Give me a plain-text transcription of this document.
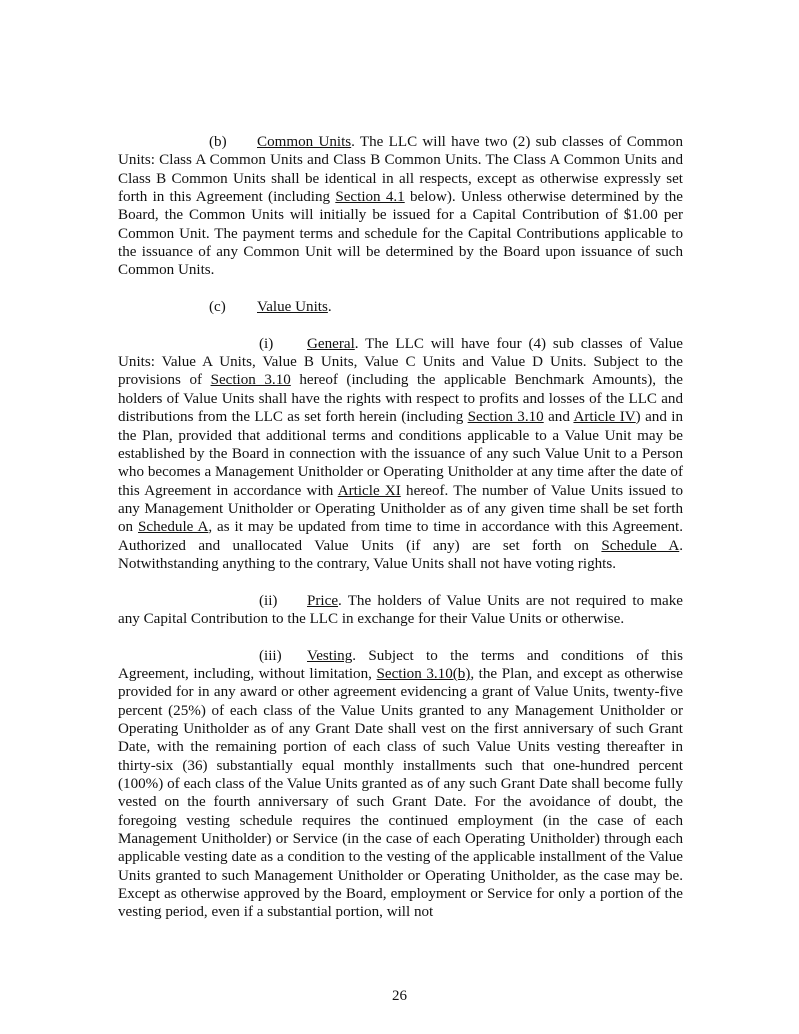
(b) Common Units. The LLC will have two (2) sub classes of Common Units: Class A Common Units and Class B Common Units. The Class A Common Units and Class B Common Units shall be identical in all respects, except as otherwise expressly set forth in this Agreement (including Section 4.1 below). Unless otherwise determined by the Board, the Common Units will initially be issued for a Capital Contribution of $1.00 per Common Unit. The payment terms and schedule for the Capital Contributions applicable to the issuance of any Common Unit will be determined by the Board upon issuance of such Common Units.

(c) Value Units.

(i) General. The LLC will have four (4) sub classes of Value Units: Value A Units, Value B Units, Value C Units and Value D Units. Subject to the provisions of Section 3.10 hereof (including the applicable Benchmark Amounts), the holders of Value Units shall have the rights with respect to profits and losses of the LLC and distributions from the LLC as set forth herein (including Section 3.10 and Article IV) and in the Plan, provided that additional terms and conditions applicable to a Value Unit may be established by the Board in connection with the issuance of any such Value Unit to a Person who becomes a Management Unitholder or Operating Unitholder at any time after the date of this Agreement in accordance with Article XI hereof. The number of Value Units issued to any Management Unitholder or Operating Unitholder as of any given time shall be set forth on Schedule A, as it may be updated from time to time in accordance with this Agreement. Authorized and unallocated Value Units (if any) are set forth on Schedule A. Notwithstanding anything to the contrary, Value Units shall not have voting rights.

(ii) Price. The holders of Value Units are not required to make any Capital Contribution to the LLC in exchange for their Value Units or otherwise.

(iii) Vesting. Subject to the terms and conditions of this Agreement, including, without limitation, Section 3.10(b), the Plan, and except as otherwise provided for in any award or other agreement evidencing a grant of Value Units, twenty-five percent (25%) of each class of the Value Units granted to any Management Unitholder or Operating Unitholder as of any Grant Date shall vest on the first anniversary of such Grant Date, with the remaining portion of each class of such Value Units vesting thereafter in thirty-six (36) substantially equal monthly installments such that one-hundred percent (100%) of each class of the Value Units granted as of any such Grant Date shall become fully vested on the fourth anniversary of such Grant Date. For the avoidance of doubt, the foregoing vesting schedule requires the continued employment (in the case of each Management Unitholder) or Service (in the case of each Operating Unitholder) through each applicable vesting date as a condition to the vesting of the applicable installment of the Value Units granted to such Management Unitholder or Operating Unitholder, as the case may be. Except as otherwise approved by the Board, employment or Service for only a portion of the vesting period, even if a substantial portion, will not

26
